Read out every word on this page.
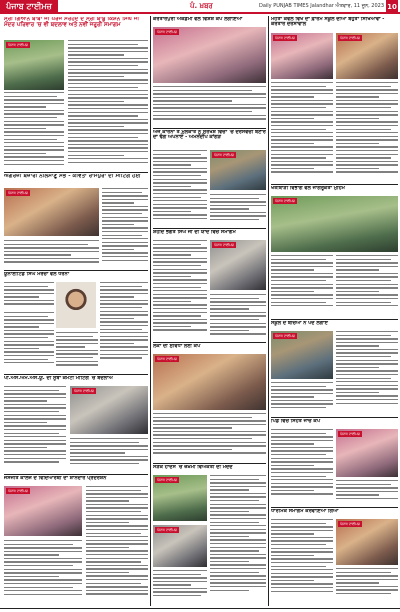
ਪੰਜਾਬ ਟਾਈਮਜ਼	ਪੰ. ਖ਼ਬਰ	Daily PUNJAB TIMES Jalandhar ਐਤਵਾਰ, 11 ਜੂਨ, 2023 10
ਸ੍ਰੀ ਗਿਆਨ ਬਾਬਾ ਜੀ ਪਰਜ ਸਰਹੰਦ ਦੇ ਸ੍ਰੀ ਬਾਬੂ ਕਿਸ਼ਨ ਸਿੰਘ ਜੀ ਮੰਦਰ ਪਰਿਵਾਰ 'ਚ ਵੀ ਬਦਲਾਵ ਅਤੇ ਨਵੀਂ ਜਰੂਰੀ ਸਮਾਗਮ
ਪੰਜਾਬ ਟਾਈਮਜ਼
ਅੰਗਰੇਜ਼ੀ ਬਜ਼ਾਰੀ ਨੀਲਮਾਣੂ ਸਭ - ਕਵਿਤਾ ਰਾਮਪੁਰਾ ਦੀ ਮੀਟਿੰਗ ਹੋਈ
ਪੰਜਾਬ ਟਾਈਮਜ਼
ਯੂਨਾਈਟਿਡ ਸਿੰਘ ਮੋਰਚਾ ਵੱਲੋਂ ਧਰਨਾ
ਪੀ.ਐਸ.ਐਮ.ਐਸ.ਯੂ. ਦੀ ਸੂਬਾ ਕਮੇਟੀ ਮੀਟਿੰਗ 'ਚ ਬਦਲਾਅ
ਪੰਜਾਬ ਟਾਈਮਜ਼
ਜਸਜੀਤ ਕਾਲਜ ਦੇ ਵਿਦਿਆਰਥੀ ਦਾ ਸ਼ਾਨਦਾਰ ਪ੍ਰਦਰਸ਼ਨ
ਪੰਜਾਬ ਟਾਈਮਜ਼
ਕਰਤਾਰਪੁਰੀ ਅਕੈਡਮੀ ਵੱਲੋਂ ਵਿਸ਼ੇਸ਼ ਕੈਂਪ ਲਗਾਇਆ
ਪੰਜਾਬ ਟਾਈਮਜ਼
ਅਜੇ ਕਾਰਨਾਂ ਤੇ ਮੁਲਕਾਂਤ ਨੂੰ ਸੁਰਖਸ਼ ਵਿਚਾ 'ਚ ਦਰਸਵੱਚੀ ਬਣਾਰ ਦਾ ਢੰਗ ਅਪਨਾਏ - ਅਮਨਦੀਪ ਕਾਂਗੜ
ਪੰਜਾਬ ਟਾਈਮਜ਼
ਸ਼ਹੀਦ ਭਗਤ ਸਿੰਘ ਜੀ ਦੀ ਯਾਦ ਵਿੱਚ ਸਮਾਗਮ
ਪੰਜਾਬ ਟਾਈਮਜ਼
ਲੋਕਾਂ ਦੀ ਸੁਵਿਧਾ ਲਈ ਕੈਂਪ
ਪੰਜਾਬ ਟਾਈਮਜ਼
ਸੜਕ ਹਾਦਸੇ 'ਚ ਜ਼ਖ਼ਮੀ ਵਿਅਕਤੀ ਦੀ ਮਦਦ
ਪੰਜਾਬ ਟਾਈਮਜ਼
ਪੰਜਾਬ ਟਾਈਮਜ਼
ਮਹੱਤਾ ਕੇਵਲ ਵਿਖੇ ਦਾ ਫ਼ਾਰਮ ਸਕੂਲ ਦੀਆਂ ਬਹੁਤਾ ਸਿੱਖਿਆਵਾਂ - ਕਰਤਾਰ ਦਰਸਾਵਾਲ
ਪੰਜਾਬ ਟਾਈਮਜ਼	ਪੰਜਾਬ ਟਾਈਮਜ਼
ਖੇਤੀਬਾੜੀ ਵਿਭਾਗ ਵੱਲੋਂ ਜਾਗਰੂਕਤਾ ਮੁਹਿੰਮ
ਪੰਜਾਬ ਟਾਈਮਜ਼
ਸਕੂਲ ਦੇ ਬੱਚਿਆਂ ਨੇ ਪੌਦੇ ਲਗਾਏ
ਪੰਜਾਬ ਟਾਈਮਜ਼
ਪਿੰਡ ਵਿੱਚ ਸਿਹਤ ਜਾਂਚ ਕੈਂਪ
ਪੰਜਾਬ ਟਾਈਮਜ਼
ਧਾਰਮਿਕ ਸਮਾਗਮ ਕਰਵਾਇਆ ਗਿਆ
ਪੰਜਾਬ ਟਾਈਮਜ਼
